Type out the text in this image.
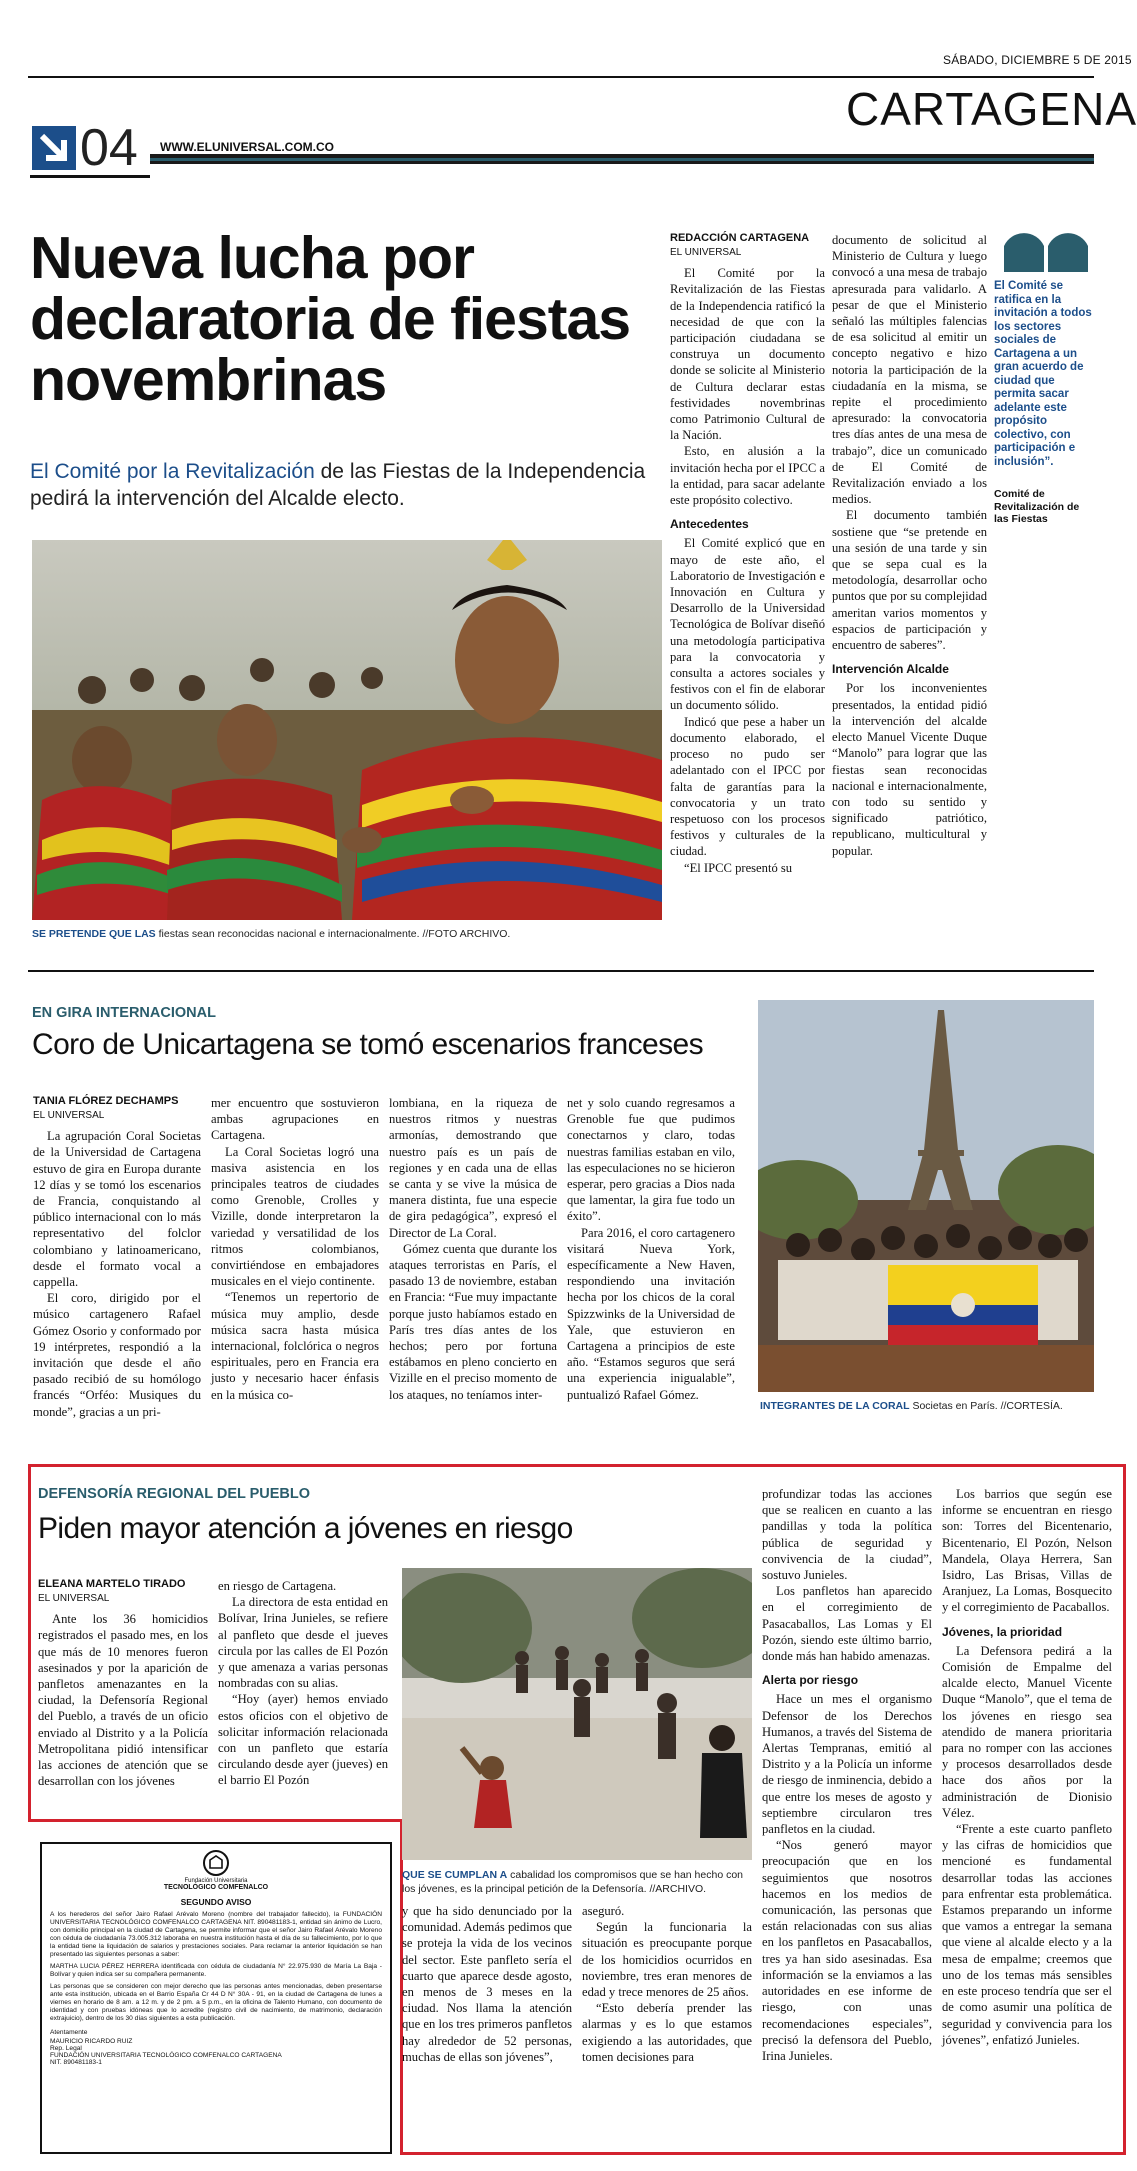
SÁBADO, DICIEMBRE 5 DE 2015
CARTAGENA
04 WWW.ELUNIVERSAL.COM.CO
Nueva lucha por declaratoria de fiestas novembrinas
El Comité por la Revitalización de las Fiestas de la Independencia pedirá la intervención del Alcalde electo.
SE PRETENDE QUE LAS fiestas sean reconocidas nacional e internacionalmente. //FOTO ARCHIVO.
REDACCIÓN CARTAGENA
EL UNIVERSAL

El Comité por la Revitalización de las Fiestas de la Independencia ratificó la necesidad de que con la participación ciudadana se construya un documento donde se solicite al Ministerio de Cultura declarar estas festividades novembrinas como Patrimonio Cultural de la Nación.

Esto, en alusión a la invitación hecha por el IPCC a la entidad, para sacar adelante este propósito colectivo.

Antecedentes

El Comité explicó que en mayo de este año, el Laboratorio de Investigación e Innovación en Cultura y Desarrollo de la Universidad Tecnológica de Bolívar diseñó una metodología participativa para la convocatoria y consulta a actores sociales y festivos con el fin de elaborar un documento sólido.

Indicó que pese a haber un documento elaborado, el proceso no pudo ser adelantado con el IPCC por falta de garantías para la convocatoria y un trato respetuoso con los procesos festivos y culturales de la ciudad.

“El IPCC presentó su

documento de solicitud al Ministerio de Cultura y luego convocó a una mesa de trabajo apresurada para validarlo. A pesar de que el Ministerio señaló las múltiples falencias de esa solicitud al emitir un concepto negativo e hizo notoria la participación de la ciudadanía en la misma, se repite el procedimiento apresurado: la convocatoria tres días antes de una mesa de trabajo”, dice un comunicado de El Comité de Revitalización enviado a los medios.

El documento también sostiene que “se pretende en una sesión de una tarde y sin que se sepa cual es la metodología, desarrollar ocho puntos que por su complejidad ameritan varios momentos y espacios de participación y encuentro de saberes”.

Intervención Alcalde

Por los inconvenientes presentados, la entidad pidió la intervención del alcalde electo Manuel Vicente Duque “Manolo” para lograr que las fiestas sean reconocidas nacional e internacionalmente, con todo su sentido y significado patriótico, republicano, multicultural y popular.

El Comité se ratifica en la invitación a todos los sectores sociales de Cartagena a un gran acuerdo de ciudad que permita sacar adelante este propósito colectivo, con participación e inclusión”.
Comité de Revitalización de las Fiestas
EN GIRA INTERNACIONAL
Coro de Unicartagena se tomó escenarios franceses
TANIA FLÓREZ DECHAMPS
EL UNIVERSAL

La agrupación Coral Societas de la Universidad de Cartagena estuvo de gira en Europa durante 12 días y se tomó los escenarios de Francia, conquistando al público internacional con lo más representativo del folclor colombiano y latinoamericano, desde el formato vocal a cappella.

El coro, dirigido por el músico cartagenero Rafael Gómez Osorio y conformado por 19 intérpretes, respondió a la invitación que desde el año pasado recibió de su homólogo francés “Orféo: Musiques du monde”, gracias a un pri-

mer encuentro que sostuvieron ambas agrupaciones en Cartagena.

La Coral Societas logró una masiva asistencia en los principales teatros de ciudades como Grenoble, Crolles y Vizille, donde interpretaron la variedad y versatilidad de los ritmos colombianos, convirtiéndose en embajadores musicales en el viejo continente.

“Tenemos un repertorio de música muy amplio, desde música sacra hasta música internacional, folclórica o negros espirituales, pero en Francia era justo y necesario hacer énfasis en la música co-

lombiana, en la riqueza de nuestros ritmos y nuestras armonías, demostrando que nuestro país es un país de regiones y en cada una de ellas se canta y se vive la música de manera distinta, fue una especie de gira pedagógica”, expresó el Director de La Coral.

Gómez cuenta que durante los ataques terroristas en París, el pasado 13 de noviembre, estaban en Francia: “Fue muy impactante porque justo habíamos estado en París tres días antes de los hechos; pero por fortuna estábamos en pleno concierto en Vizille en el preciso momento de los ataques, no teníamos inter-

net y solo cuando regresamos a Grenoble fue que pudimos conectarnos y claro, todas nuestras familias estaban en vilo, las especulaciones no se hicieron esperar, pero gracias a Dios nada que lamentar, la gira fue todo un éxito”.

Para 2016, el coro cartagenero visitará Nueva York, específicamente a New Haven, respondiendo una invitación hecha por los chicos de la coral Spizzwinks de la Universidad de Yale, que estuvieron en Cartagena a principios de este año. “Estamos seguros que será una experiencia inigualable”, puntualizó Rafael Gómez.

INTEGRANTES DE LA CORAL Societas en París. //CORTESÍA.
DEFENSORÍA REGIONAL DEL PUEBLO
Piden mayor atención a jóvenes en riesgo
ELEANA MARTELO TIRADO
EL UNIVERSAL

Ante los 36 homicidios registrados el pasado mes, en los que más de 10 menores fueron asesinados y por la aparición de panfletos amenazantes en la ciudad, la Defensoría Regional del Pueblo, a través de un oficio enviado al Distrito y a la Policía Metropolitana pidió intensificar las acciones de atención que se desarrollan con los jóvenes

en riesgo de Cartagena.

La directora de esta entidad en Bolívar, Irina Junieles, se refiere al panfleto que desde el jueves circula por las calles de El Pozón y que amenaza a varias personas nombradas con su alias.

“Hoy (ayer) hemos enviado estos oficios con el objetivo de solicitar información relacionada con un panfleto que estaría circulando desde ayer (jueves) en el barrio El Pozón

QUE SE CUMPLAN A cabalidad los compromisos que se han hecho con los jóvenes, es la principal petición de la Defensoría. //ARCHIVO.

y que ha sido denunciado por la comunidad. Además pedimos que se proteja la vida de los vecinos del sector. Este panfleto sería el cuarto que aparece desde agosto, en menos de 3 meses en la ciudad. Nos llama la atención que en los tres primeros panfletos hay alrededor de 52 personas, muchas de ellas son jóvenes”,

aseguró.

Según la funcionaria la situación es preocupante porque de los homicidios ocurridos en noviembre, tres eran menores de edad y trece menores de 25 años.

“Esto debería prender las alarmas y es lo que estamos exigiendo a las autoridades, que tomen decisiones para

profundizar todas las acciones que se realicen en cuanto a las pandillas y toda la política pública de seguridad y convivencia de la ciudad”, sostuvo Junieles.

Los panfletos han aparecido en el corregimiento de Pasacaballos, Las Lomas y El Pozón, siendo este último barrio, donde más han habido amenazas.

Alerta por riesgo

Hace un mes el organismo Defensor de los Derechos Humanos, a través del Sistema de Alertas Tempranas, emitió al Distrito y a la Policía un informe de riesgo de inminencia, debido a que entre los meses de agosto y septiembre circularon tres panfletos en la ciudad.

“Nos generó mayor preocupación que en los seguimientos que nosotros hacemos en los medios de comunicación, las personas que están relacionadas con sus alias en los panfletos en Pasacaballos, tres ya han sido asesinadas. Esa información se la enviamos a las autoridades en ese informe de riesgo, con unas recomendaciones especiales”, precisó la defensora del Pueblo, Irina Junieles.

Los barrios que según ese informe se encuentran en riesgo son: Torres del Bicentenario, Bicentenario, El Pozón, Nelson Mandela, Olaya Herrera, San Isidro, Las Brisas, Villas de Aranjuez, La Lomas, Bosquecito y el corregimiento de Pacaballos.

Jóvenes, la prioridad

La Defensora pedirá a la Comisión de Empalme del alcalde electo, Manuel Vicente Duque “Manolo”, que el tema de los jóvenes en riesgo sea atendido de manera prioritaria para no romper con las acciones y procesos desarrollados desde hace dos años por la administración de Dionisio Vélez.

“Frente a este cuarto panfleto y las cifras de homicidios que mencioné es fundamental desarrollar todas las acciones para enfrentar esta problemática. Estamos preparando un informe que vamos a entregar la semana que viene al alcalde electo y a la mesa de empalme; creemos que uno de los temas más sensibles en este proceso tendría que ser el de como asumir una política de seguridad y convivencia para los jóvenes”, enfatizó Junieles.

Fundación Universitaria
TECNOLÓGICO COMFENALCO
SEGUNDO AVISO
A los herederos del señor Jairo Rafael Arévalo Moreno (nombre del trabajador fallecido), la FUNDACIÓN UNIVERSITARIA TECNOLÓGICO COMFENALCO CARTAGENA NIT. 890481183-1, entidad sin ánimo de Lucro, con domicilio principal en la ciudad de Cartagena, se permite informar que el señor Jairo Rafael Arévalo Moreno con cédula de ciudadanía 73.005.312 laboraba en nuestra institución hasta el día de su fallecimiento, por lo que la entidad tiene la liquidación de salarios y prestaciones sociales. Para reclamar la anterior liquidación se han presentado las siguientes personas a saber:
MARTHA LUCIA PÉREZ HERRERA identificada con cédula de ciudadanía N° 22.975.930 de María La Baja - Bolívar y quien indica ser su compañera permanente.
Las personas que se consideren con mejor derecho que las personas antes mencionadas, deben presentarse ante esta institución, ubicada en el Barrio España Cr 44 D N° 30A - 91, en la ciudad de Cartagena de lunes a viernes en horario de 8 am. a 12 m. y de 2 pm. a 5 p.m., en la oficina de Talento Humano, con documento de identidad y con pruebas idóneas que lo acredite (registro civil de nacimiento, de matrimonio, declaración extrajuicio), dentro de los 30 días siguientes a esta publicación.
Atentamente
MAURICIO RICARDO RUIZ
Rep. Legal
FUNDACIÓN UNIVERSITARIA TECNOLÓGICO COMFENALCO CARTAGENA
NIT. 890481183-1
